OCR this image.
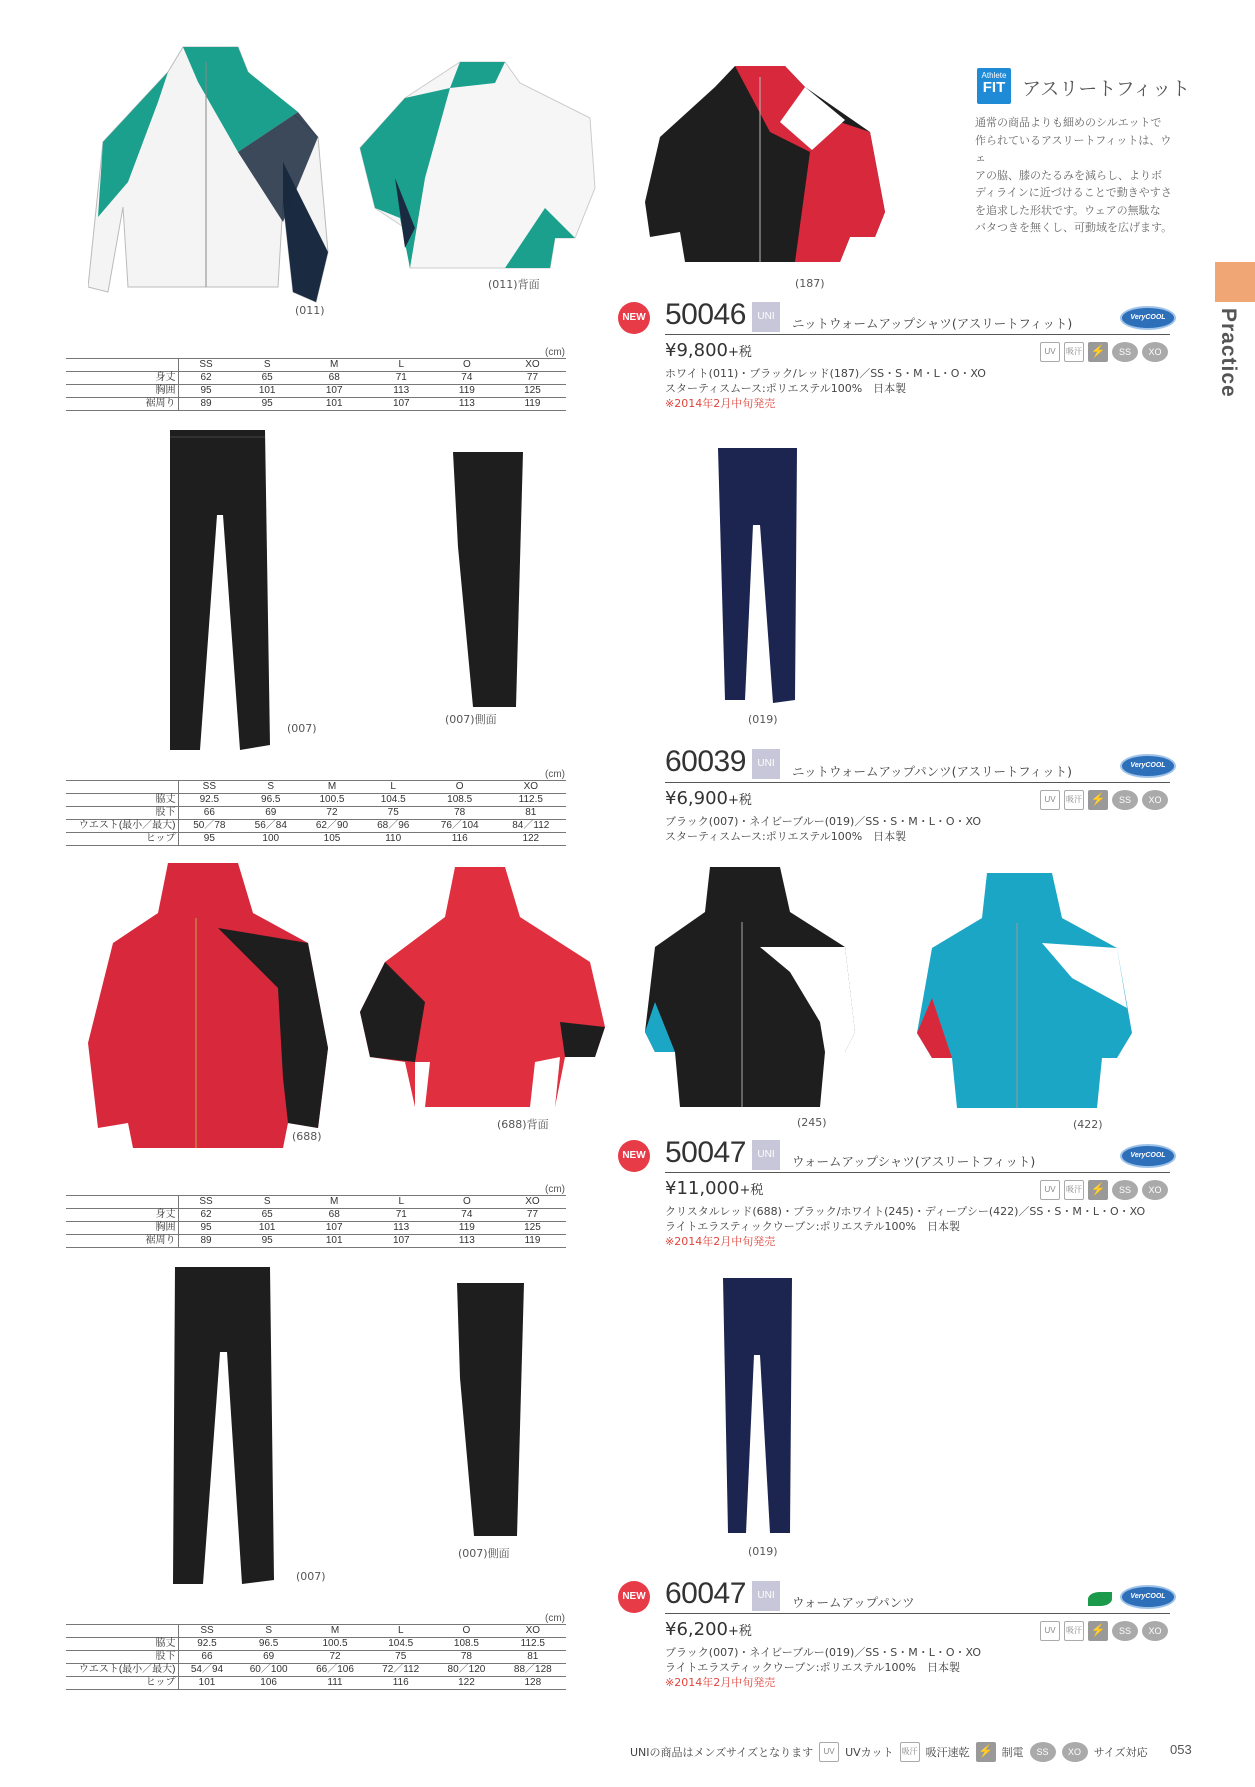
Practice
Athlete
FIT アスリートフィット
通常の商品よりも細めのシルエットで
作られているアスリートフィットは、ウェ
アの脇、膝のたるみを減らし、よりボ
ディラインに近づけることで動きやすさ
を追求した形状です。ウェアの無駄な
バタつきを無くし、可動域を広げます。
(011)
(011)背面	(187)
(007)
(007)側面	(019)
(688)
(688)背面	(245)	(422)
(007)
(007)側面	(019)
NEW 50046	UNI	ニットウォームアップシャツ(アスリートフィット)	VeryCOOL
¥9,800+税	UV	吸汗 ⚡	SS	XO
ホワイト(011)・ブラック/レッド(187)／SS・S・M・L・O・XO
スターティスムース:ポリエステル100%　日本製
※2014年2月中旬発売
60039	UNI
ニットウォームアップパンツ(アスリートフィット)	VeryCOOL
¥6,900+税	UV	吸汗 ⚡	SS	XO
ブラック(007)・ネイビーブルー(019)／SS・S・M・L・O・XO
スターティスムース:ポリエステル100%　日本製
NEW 50047	UNI	ウォームアップシャツ(アスリートフィット)	VeryCOOL
¥11,000+税	UV	吸汗 ⚡	SS	XO
クリスタルレッド(688)・ブラック/ホワイト(245)・ディープシー(422)／SS・S・M・L・O・XO
ライトエラスティックウーブン:ポリエステル100%　日本製
※2014年2月中旬発売
NEW 60047	UNI	ウォームアップパンツ	VeryCOOL
¥6,200+税	UV	吸汗 ⚡	SS	XO
ブラック(007)・ネイビーブルー(019)／SS・S・M・L・O・XO
ライトエラスティックウーブン:ポリエステル100%　日本製
※2014年2月中旬発売
(cm)
	SS	S	M	L	O	XO
身丈	62	65	68	71	74	77
胸囲	95	101	107	113	119	125
裾周り	89	95	101	107	113	119
(cm)
	SS	S	M	L	O	XO
脇丈	92.5	96.5	100.5	104.5	108.5	112.5
股下	66	69	72	75	78	81
ウエスト(最小／最大)	50／78	56／84	62／90	68／96	76／104	84／112
ヒップ	95	100	105	110	116	122
(cm)
	SS	S	M	L	O	XO
身丈	62	65	68	71	74	77
胸囲	95	101	107	113	119	125
裾周り	89	95	101	107	113	119
(cm)
	SS	S	M	L	O	XO
脇丈	92.5	96.5	100.5	104.5	108.5	112.5
股下	66	69	72	75	78	81
ウエスト(最小／最大)	54／94	60／100	66／106	72／112	80／120	88／128
ヒップ	101	106	111	116	122	128
UNIの商品はメンズサイズとなります	UV UVカット 吸汗 吸汗速乾 ⚡ 制電	SS	XO	サイズ対応 053
